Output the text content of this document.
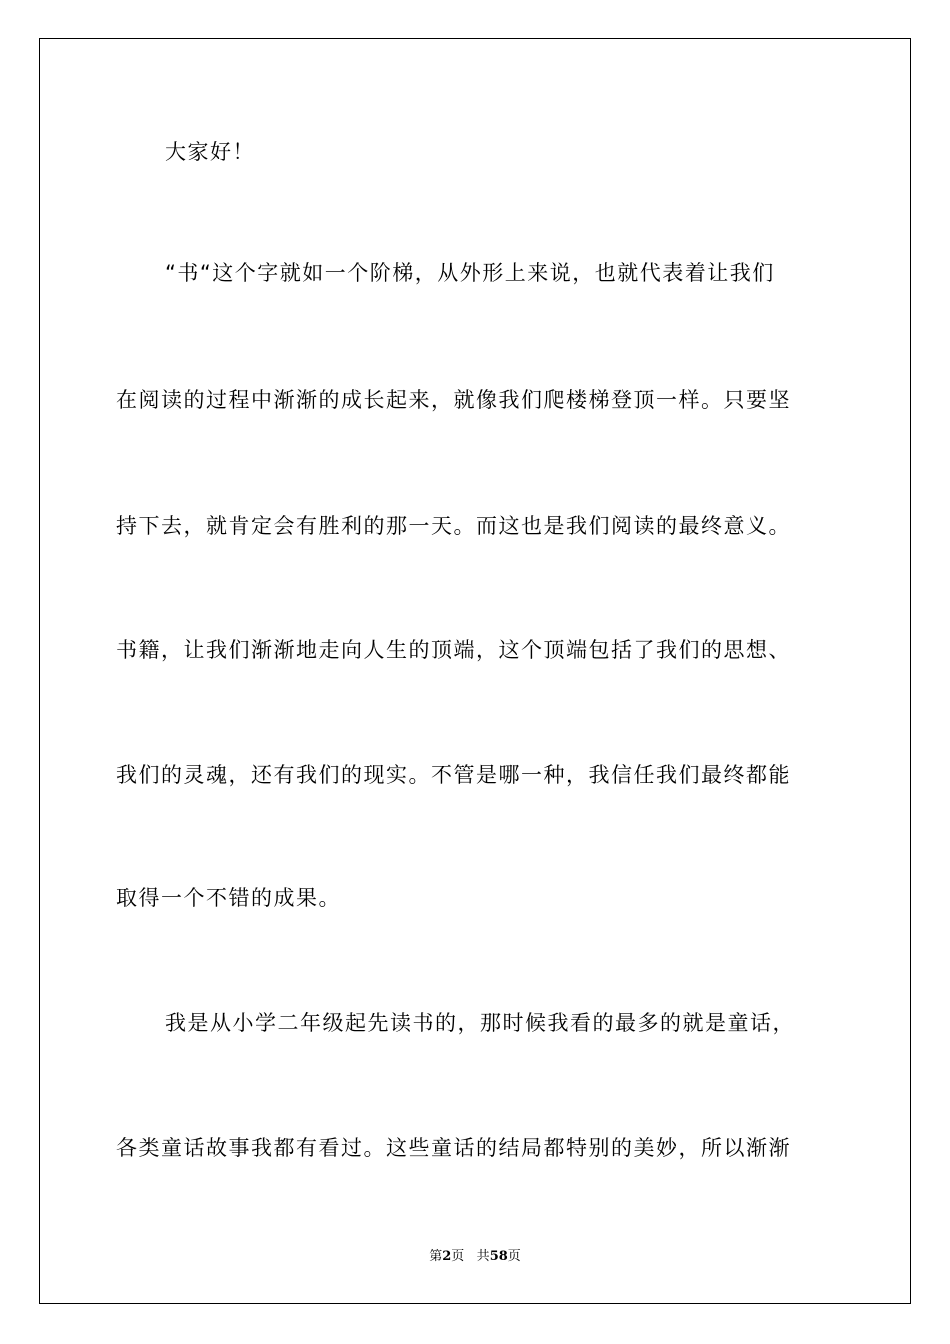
大家好！
“书“这个字就如一个阶梯，从外形上来说，也就代表着让我们
在阅读的过程中渐渐的成长起来，就像我们爬楼梯登顶一样。只要坚
持下去，就肯定会有胜利的那一天。而这也是我们阅读的最终意义。
书籍，让我们渐渐地走向人生的顶端，这个顶端包括了我们的思想、
我们的灵魂，还有我们的现实。不管是哪一种，我信任我们最终都能
取得一个不错的成果。
我是从小学二年级起先读书的，那时候我看的最多的就是童话，
各类童话故事我都有看过。这些童话的结局都特别的美妙，所以渐渐
第2页 共58页
